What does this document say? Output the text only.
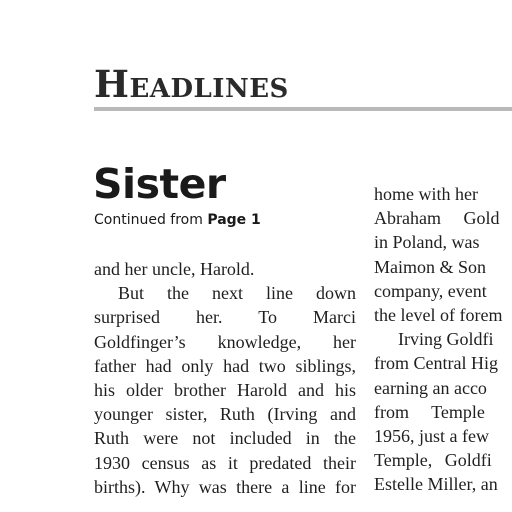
Headlines
Sister
Continued from Page 1
and her uncle, Harold.
But the next line down
surprised her. To Marci
Goldfinger’s knowledge, her
father had only had two siblings,
his older brother Harold and his
younger sister, Ruth (Irving and
Ruth were not included in the
1930 census as it predated their
births). Why was there a line for
home with her
Abraham Gold
in Poland, was
Maimon & Son
company, event
the level of forem
Irving Goldfi
from Central Hig
earning an acco
from Temple
1956, just a few
Temple, Goldfi
Estelle Miller, an
